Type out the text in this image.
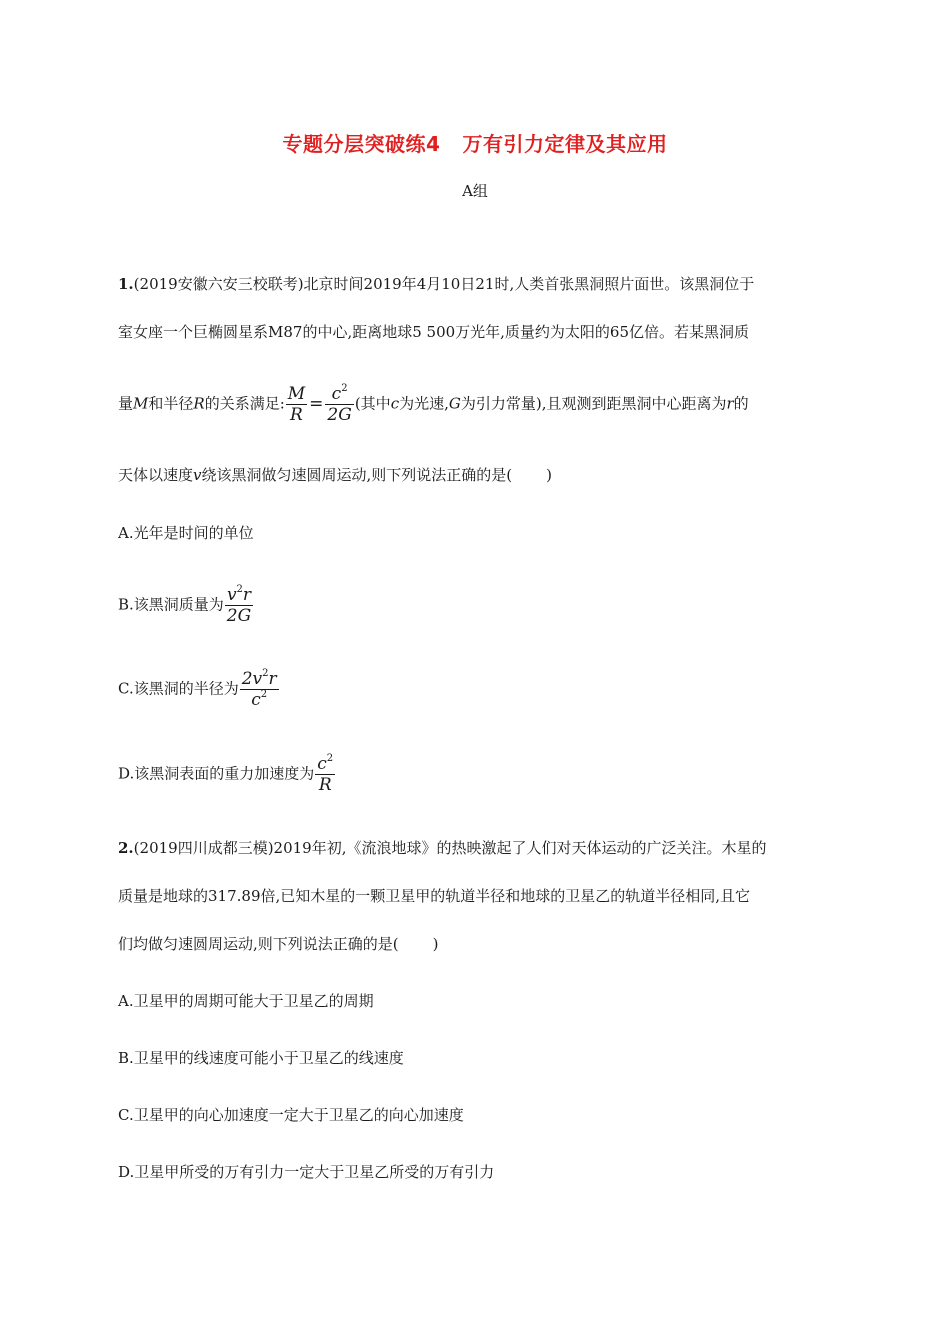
专题分层突破练4 万有引力定律及其应用
A组
1.(2019安徽六安三校联考)北京时间2019年4月10日21时,人类首张黑洞照片面世。该黑洞位于
室女座一个巨椭圆星系M87的中心,距离地球5 500万光年,质量约为太阳的65亿倍。若某黑洞质
量M和半径R的关系满足: $\frac{M}{R} = \frac{c^2}{2G}$ (其中c为光速,G为引力常量),且观测到距黑洞中心距离为r的
天体以速度v绕该黑洞做匀速圆周运动,则下列说法正确的是( )
A.光年是时间的单位
B.该黑洞质量为 $\frac{v^2r}{2G}$
C.该黑洞的半径为 $\frac{2v^2r}{c^2}$
D.该黑洞表面的重力加速度为 $\frac{c^2}{R}$
2.(2019四川成都三模)2019年初,《流浪地球》的热映激起了人们对天体运动的广泛关注。木星的
质量是地球的317.89倍,已知木星的一颗卫星甲的轨道半径和地球的卫星乙的轨道半径相同,且它
们均做匀速圆周运动,则下列说法正确的是( )
A.卫星甲的周期可能大于卫星乙的周期
B.卫星甲的线速度可能小于卫星乙的线速度
C.卫星甲的向心加速度一定大于卫星乙的向心加速度
D.卫星甲所受的万有引力一定大于卫星乙所受的万有引力
